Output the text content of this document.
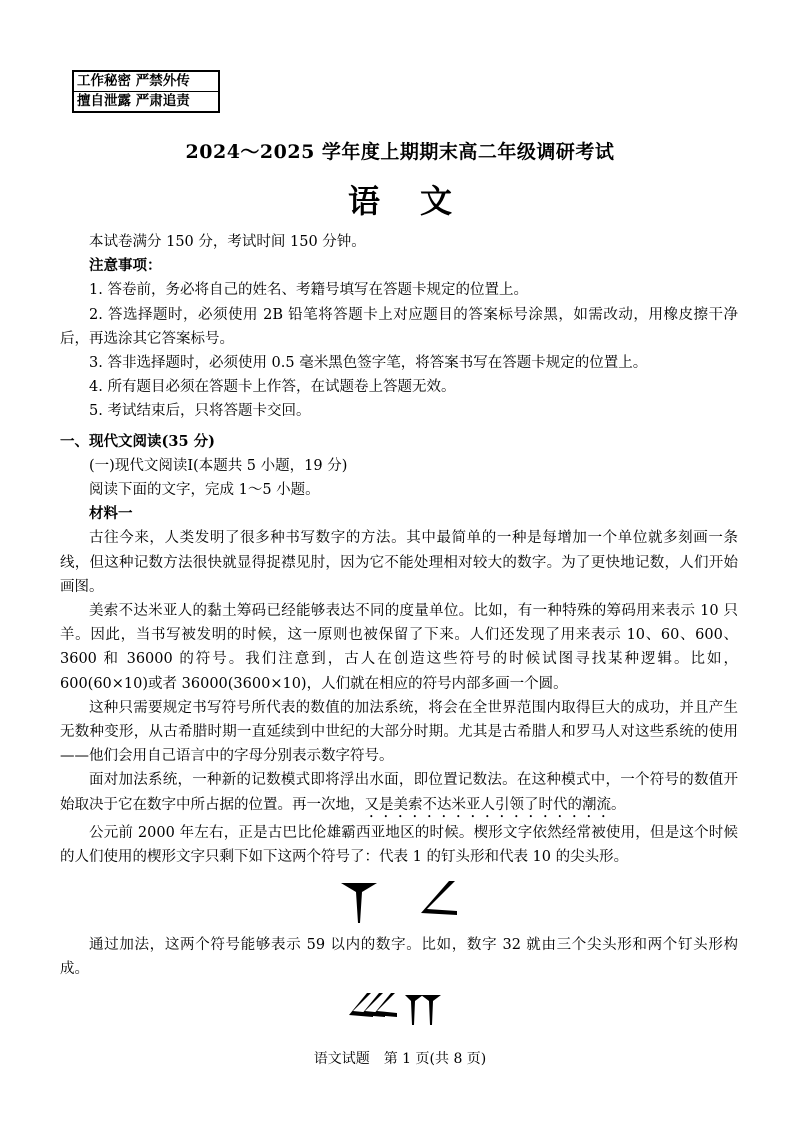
工作秘密 严禁外传
擅自泄露 严肃追责
2024～2025 学年度上期期末高二年级调研考试
语文

本试卷满分 150 分，考试时间 150 分钟。

注意事项：

1. 答卷前，务必将自己的姓名、考籍号填写在答题卡规定的位置上。

2. 答选择题时，必须使用 2B 铅笔将答题卡上对应题目的答案标号涂黑，如需改动，用橡皮擦干净后，再选涂其它答案标号。

3. 答非选择题时，必须使用 0.5 毫米黑色签字笔，将答案书写在答题卡规定的位置上。

4. 所有题目必须在答题卡上作答，在试题卷上答题无效。

5. 考试结束后，只将答题卡交回。

一、现代文阅读(35 分)

(一)现代文阅读Ⅰ(本题共 5 小题，19 分)

阅读下面的文字，完成 1～5 小题。

材料一

古往今来，人类发明了很多种书写数字的方法。其中最简单的一种是每增加一个单位就多刻画一条线，但这种记数方法很快就显得捉襟见肘，因为它不能处理相对较大的数字。为了更快地记数，人们开始画图。

美索不达米亚人的黏土筹码已经能够表达不同的度量单位。比如，有一种特殊的筹码用来表示 10 只羊。因此，当书写被发明的时候，这一原则也被保留了下来。人们还发现了用来表示 10、60、600、3600 和 36000 的符号。我们注意到，古人在创造这些符号的时候试图寻找某种逻辑。比如，600(60×10)或者 36000(3600×10)，人们就在相应的符号内部多画一个圆。

这种只需要规定书写符号所代表的数值的加法系统，将会在全世界范围内取得巨大的成功，并且产生无数种变形，从古希腊时期一直延续到中世纪的大部分时期。尤其是古希腊人和罗马人对这些系统的使用——他们会用自己语言中的字母分别表示数字符号。

面对加法系统，一种新的记数模式即将浮出水面，即位置记数法。在这种模式中，一个符号的数值开始取决于它在数字中所占据的位置。再一次地，又是美索不达米亚人引领了时代的潮流。

公元前 2000 年左右，正是古巴比伦雄霸西亚地区的时候。楔形文字依然经常被使用，但是这个时候的人们使用的楔形文字只剩下如下这两个符号了：代表 1 的钉头形和代表 10 的尖头形。

通过加法，这两个符号能够表示 59 以内的数字。比如，数字 32 就由三个尖头形和两个钉头形构成。

语文试题　第 1 页(共 8 页)
